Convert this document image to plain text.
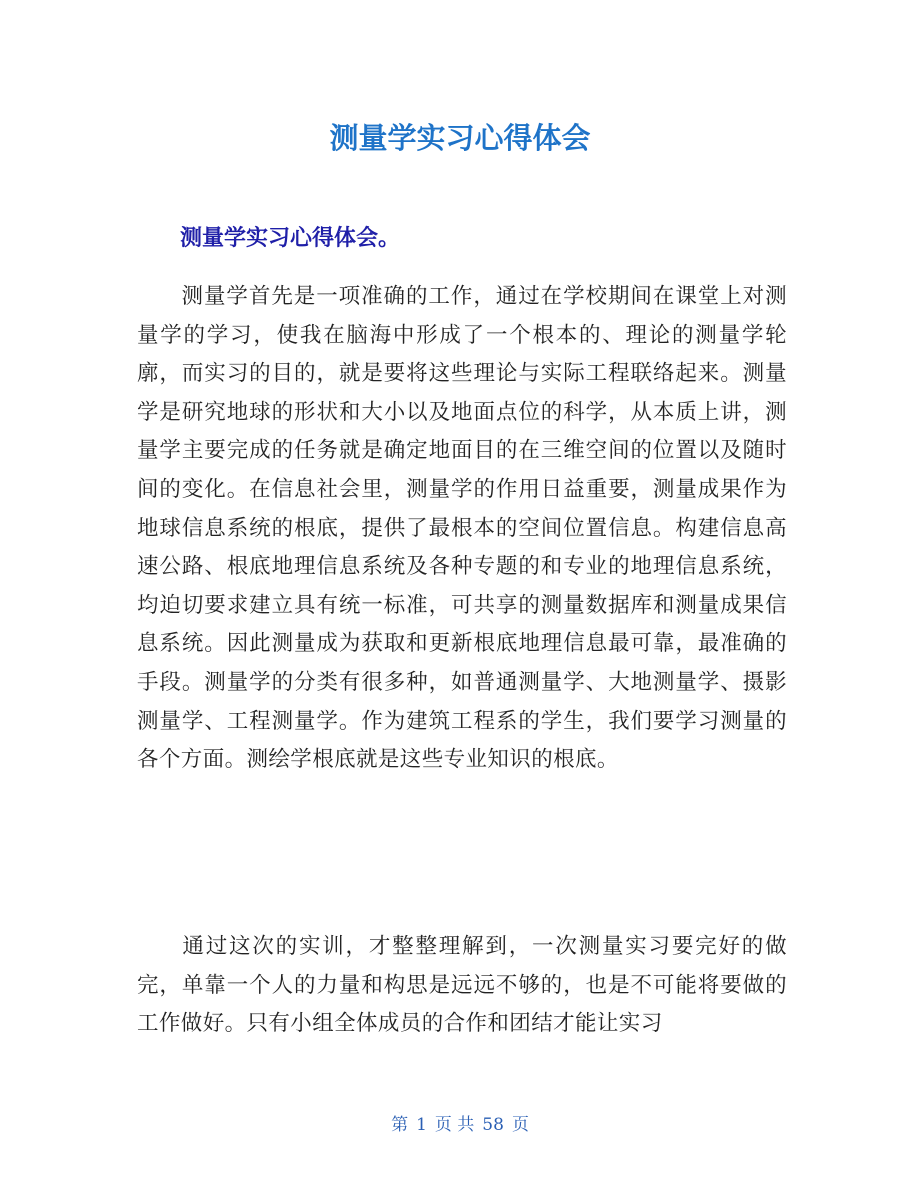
测量学实习心得体会
测量学实习心得体会。

测量学首先是一项准确的工作，通过在学校期间在课堂上对测量学的学习，使我在脑海中形成了一个根本的、理论的测量学轮廓，而实习的目的，就是要将这些理论与实际工程联络起来。测量学是研究地球的形状和大小以及地面点位的科学，从本质上讲，测量学主要完成的任务就是确定地面目的在三维空间的位置以及随时间的变化。在信息社会里，测量学的作用日益重要，测量成果作为地球信息系统的根底，提供了最根本的空间位置信息。构建信息高速公路、根底地理信息系统及各种专题的和专业的地理信息系统，均迫切要求建立具有统一标准，可共享的测量数据库和测量成果信息系统。因此测量成为获取和更新根底地理信息最可靠，最准确的手段。测量学的分类有很多种，如普通测量学、大地测量学、摄影测量学、工程测量学。作为建筑工程系的学生，我们要学习测量的各个方面。测绘学根底就是这些专业知识的根底。

通过这次的实训，才整整理解到，一次测量实习要完好的做完，单靠一个人的力量和构思是远远不够的，也是不可能将要做的工作做好。只有小组全体成员的合作和团结才能让实习

第 1 页 共 58 页
